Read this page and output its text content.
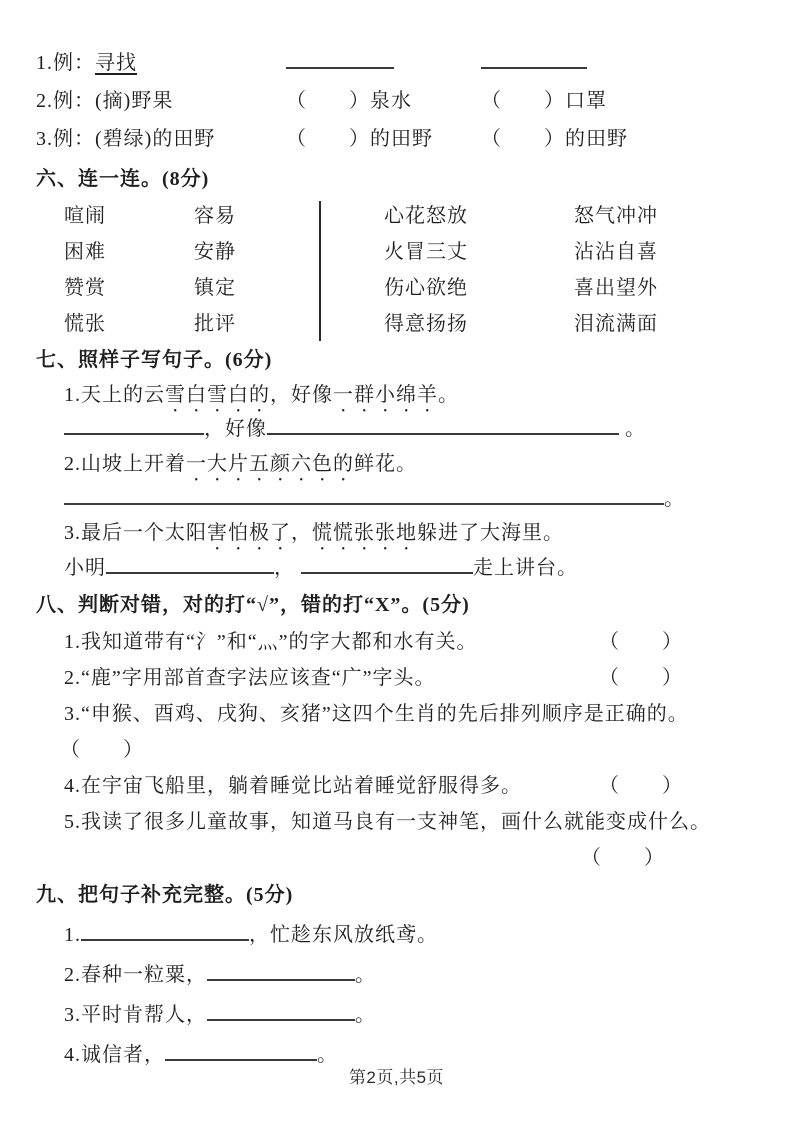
1.例：寻找
2.例：(摘)野果	（　　）泉水	（　　）口罩
3.例：(碧绿)的田野	（　　）的田野	（　　）的田野
六、连一连。(8分)
喧闹	容易	心花怒放	怒气冲冲
困难	安静	火冒三丈	沾沾自喜
赞赏	镇定	伤心欲绝	喜出望外
慌张	批评	得意扬扬	泪流满面
七、照样子写句子。(6分)
1.天上的云雪白雪白的，好像一群小绵羊。
，好像	。
2.山坡上开着一大片五颜六色的鲜花。
。
3.最后一个太阳害怕极了，慌慌张张地躲进了大海里。
小明	，	走上讲台。
八、判断对错，对的打“√”，错的打“X”。(5分)
1.我知道带有“氵”和“灬”的字大都和水有关。	（　　）
2.“鹿”字用部首查字法应该查“广”字头。	（　　）
3.“申猴、酉鸡、戌狗、亥猪”这四个生肖的先后排列顺序是正确的。
（　　）
4.在宇宙飞船里，躺着睡觉比站着睡觉舒服得多。	（　　）
5.我读了很多儿童故事，知道马良有一支神笔，画什么就能变成什么。
（　　）
九、把句子补充完整。(5分)
1.	，忙趁东风放纸鸢。
2.春种一粒粟，	。
3.平时肯帮人，	。
4.诚信者，	。
第2页,共5页
